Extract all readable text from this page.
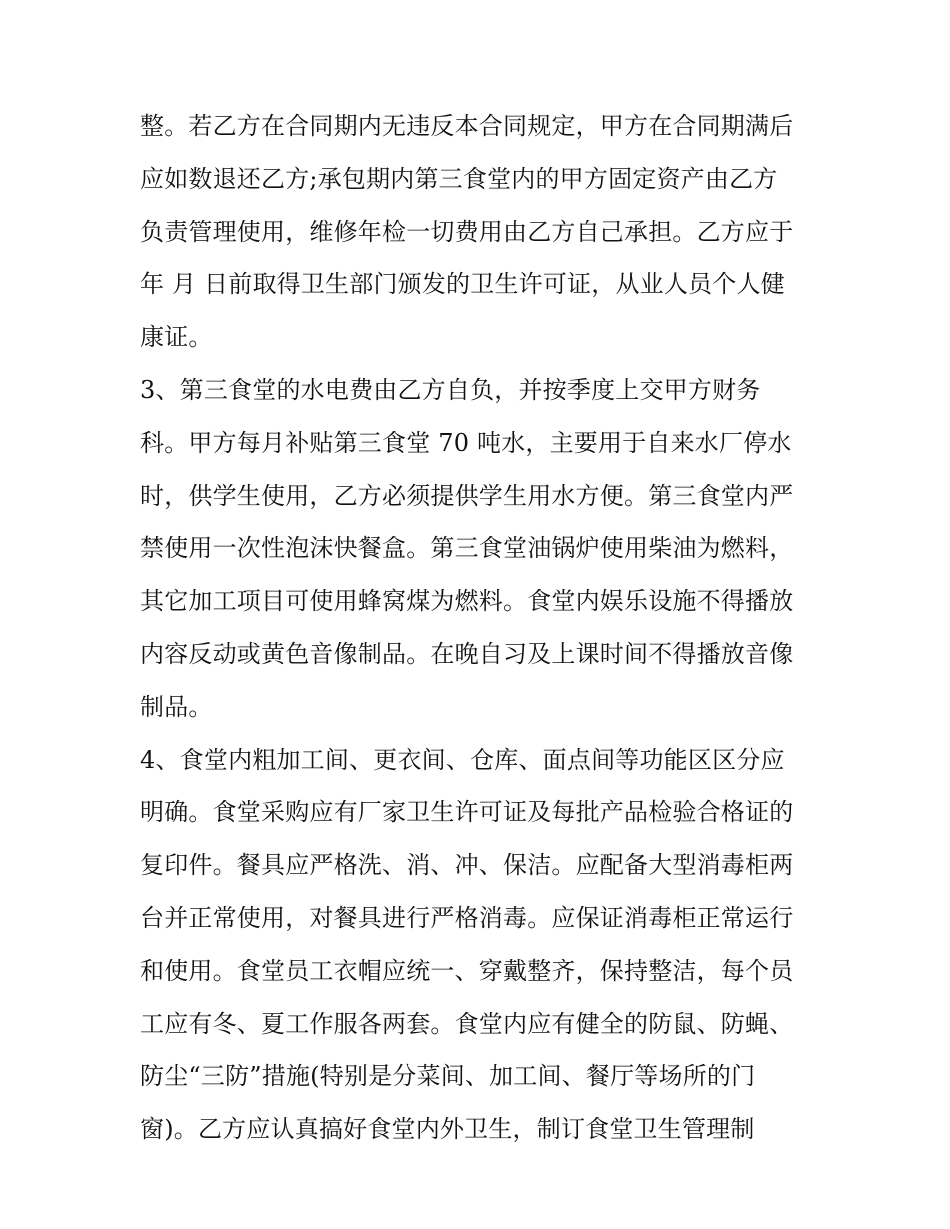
整。若乙方在合同期内无违反本合同规定，甲方在合同期满后
应如数退还乙方;承包期内第三食堂内的甲方固定资产由乙方
负责管理使用，维修年检一切费用由乙方自己承担。乙方应于
年 月 日前取得卫生部门颁发的卫生许可证，从业人员个人健
康证。
3、第三食堂的水电费由乙方自负，并按季度上交甲方财务
科。甲方每月补贴第三食堂 70 吨水，主要用于自来水厂停水
时，供学生使用，乙方必须提供学生用水方便。第三食堂内严
禁使用一次性泡沫快餐盒。第三食堂油锅炉使用柴油为燃料，
其它加工项目可使用蜂窝煤为燃料。食堂内娱乐设施不得播放
内容反动或黄色音像制品。在晚自习及上课时间不得播放音像
制品。
4、食堂内粗加工间、更衣间、仓库、面点间等功能区区分应
明确。食堂采购应有厂家卫生许可证及每批产品检验合格证的
复印件。餐具应严格洗、消、冲、保洁。应配备大型消毒柜两
台并正常使用，对餐具进行严格消毒。应保证消毒柜正常运行
和使用。食堂员工衣帽应统一、穿戴整齐，保持整洁，每个员
工应有冬、夏工作服各两套。食堂内应有健全的防鼠、防蝇、
防尘“三防”措施(特别是分菜间、加工间、餐厅等场所的门
窗)。乙方应认真搞好食堂内外卫生，制订食堂卫生管理制
